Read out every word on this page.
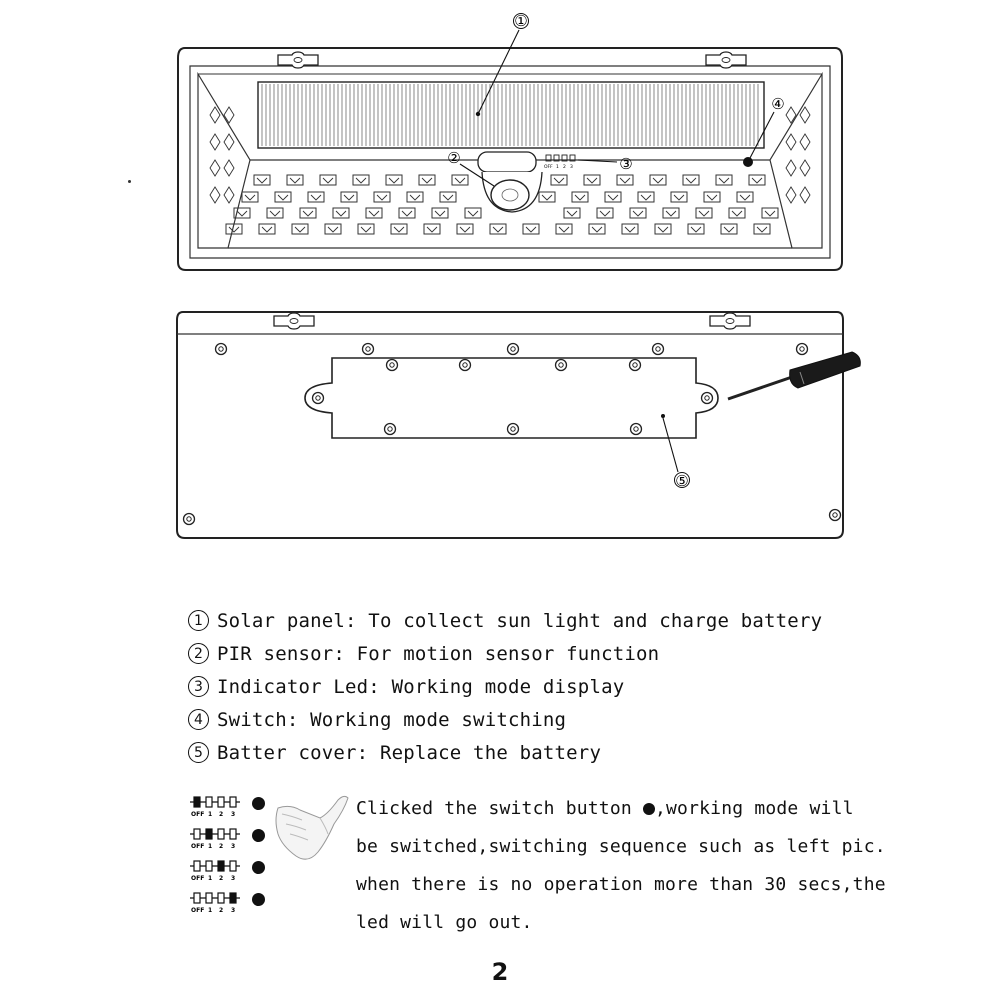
OFF 1 2 3
①
②	③
④
⑤
1 Solar panel: To collect sun light and charge battery
2 PIR sensor: For motion sensor function
3 Indicator Led: Working mode display
4 Switch: Working mode switching
5 Batter cover: Replace the battery
OFF 1 2 3
OFF 1 2 3
OFF 1 2 3
OFF 1 2 3

Clicked the switch button ,working mode will

be switched,switching sequence such as left pic.

when there is no operation more than 30 secs,the

led will go out.

2
